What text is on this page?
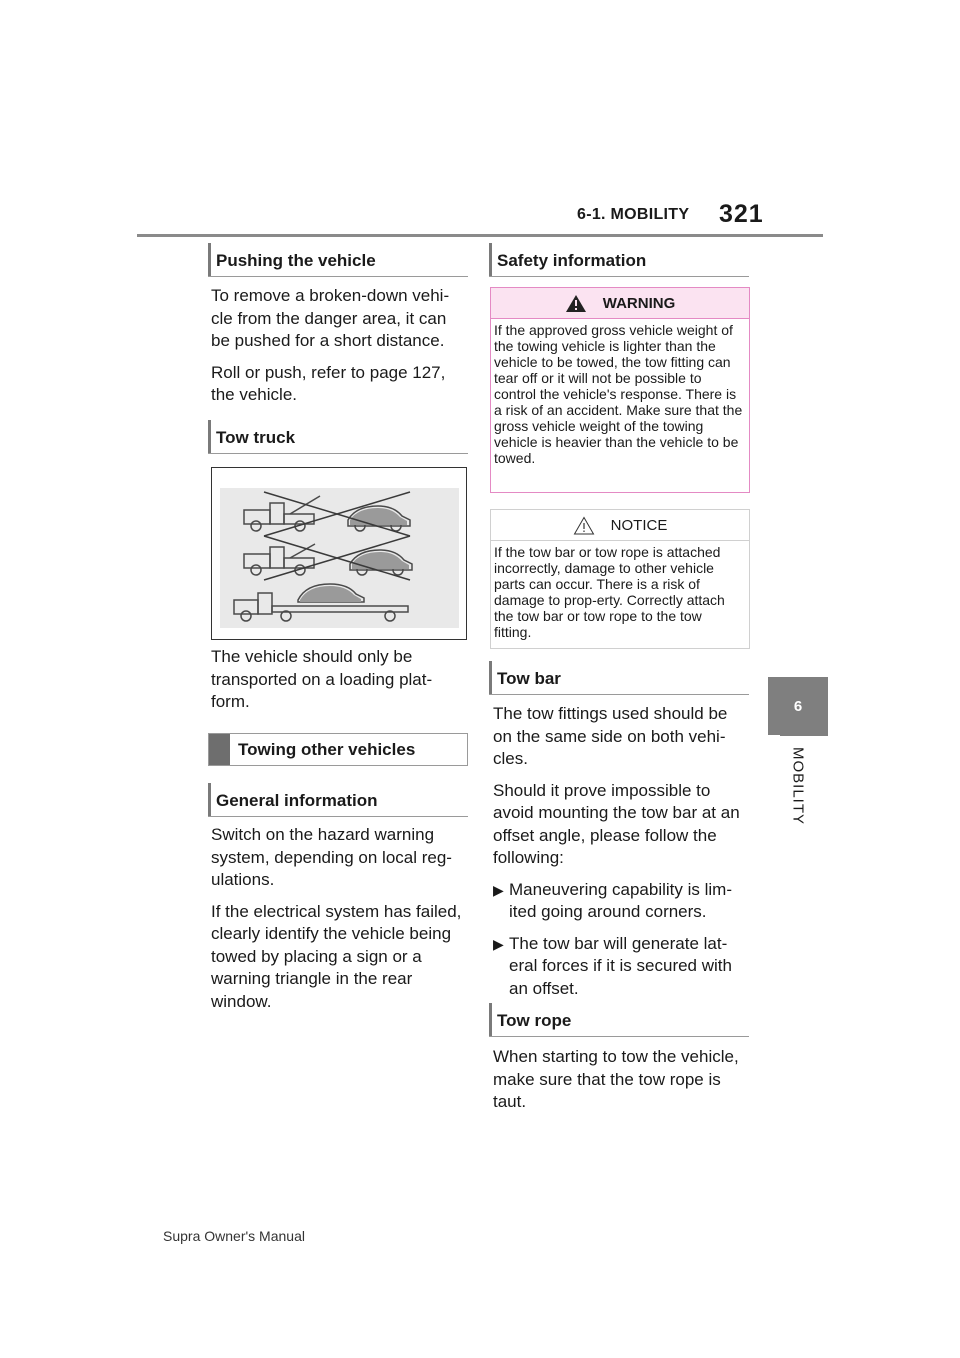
6-1. MOBILITY 321
6
MOBILITY
Pushing the vehicle

To remove a broken-down vehi-cle from the danger area, it can be pushed for a short distance.

Roll or push, refer to page 127, the vehicle.

Tow truck

The vehicle should only be transported on a loading plat-form.

Towing other vehicles
General information

Switch on the hazard warning system, depending on local reg-ulations.

If the electrical system has failed, clearly identify the vehicle being towed by placing a sign or a warning triangle in the rear window.

Safety information
WARNING
If the approved gross vehicle weight of the towing vehicle is lighter than the vehicle to be towed, the tow fitting can tear off or it will not be possible to control the vehicle's response. There is a risk of an accident. Make sure that the gross vehicle weight of the towing vehicle is heavier than the vehicle to be towed.
NOTICE
If the tow bar or tow rope is attached incorrectly, damage to other vehicle parts can occur. There is a risk of damage to prop-erty. Correctly attach the tow bar or tow rope to the tow fitting.
Tow bar

The tow fittings used should be on the same side on both vehi-cles.

Should it prove impossible to avoid mounting the tow bar at an offset angle, please follow the following:

▶ Maneuvering capability is lim-ited going around corners.
▶ The tow bar will generate lat-eral forces if it is secured with an offset.
Tow rope

When starting to tow the vehicle, make sure that the tow rope is taut.

Supra Owner's Manual
